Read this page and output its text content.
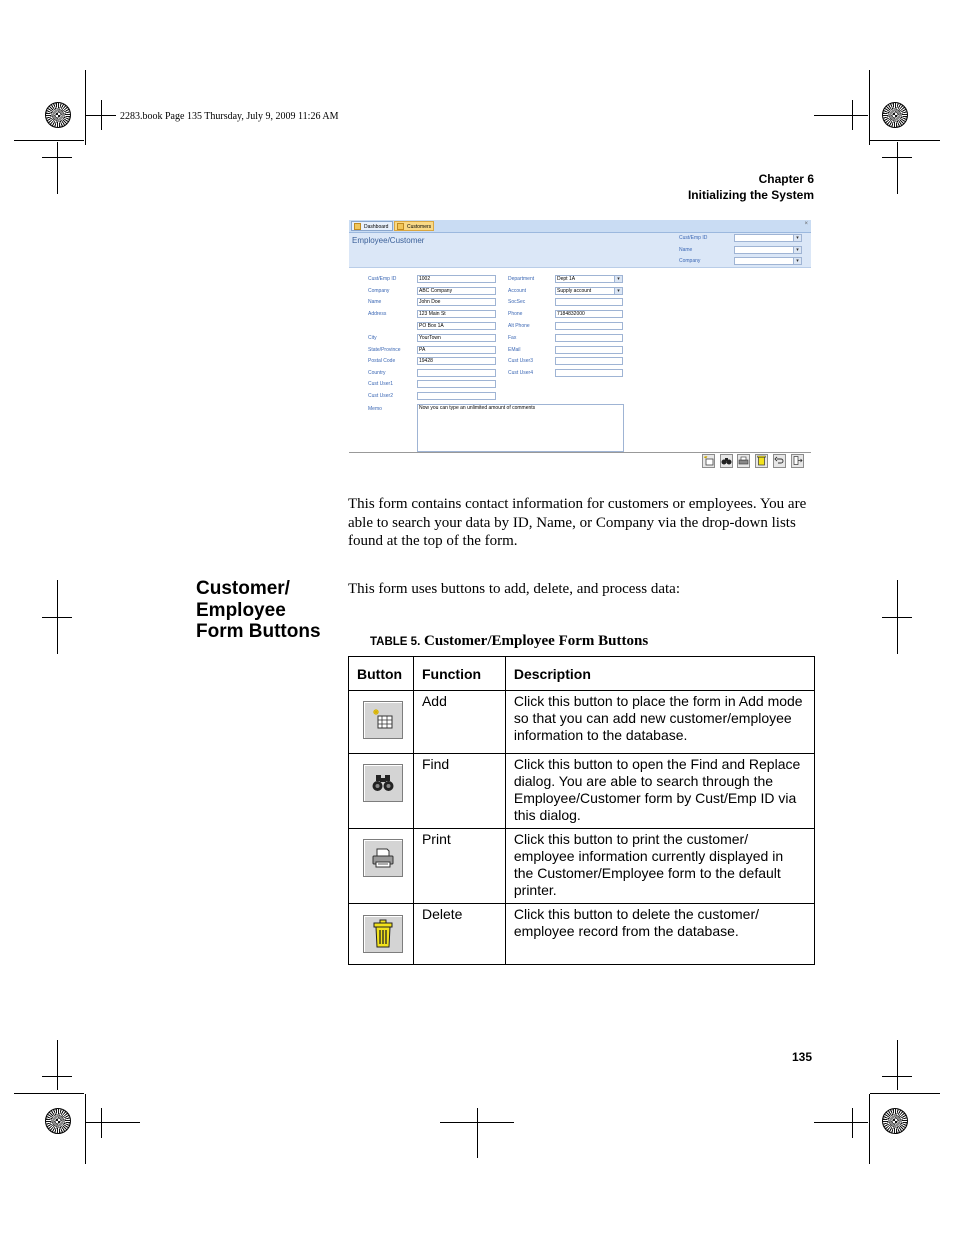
2283.book Page 135 Thursday, July 9, 2009 11:26 AM
Chapter 6
Initializing the System
Dashboard	Customers	×
Employee/Customer	Cust/Emp ID	▾
Name	▾
Company	▾
Cust/Emp ID	1002
Company	ABC Company
Name	John Doe
Address	123 Main St
PO Box 1A
City	YourTown
State/Province	PA
Postal Code	19428
Country
Cust User1
Cust User2
Department	Dept 1A	▾
Account	Supply account	▾
SocSec
Phone	7184832000
Alt Phone
Fax
EMail
Cust User3
Cust User4
Memo	Now you can type an unlimited amount of comments
This form contains contact information for customers or employees. You are able to search your data by ID, Name, or Company via the drop-down lists found at the top of the form.
Customer/
Employee
Form Buttons
This form uses buttons to add, delete, and process data:
TABLE 5. Customer/Employee Form Buttons
Button	Function	Description

	Add	Click this button to place the form in Add mode so that you can add new customer/employee information to the database.

	Find	Click this button to open the Find and Replace dialog. You are able to search through the Employee/Customer form by Cust/Emp ID via this dialog.

	Print	Click this button to print the customer/ employee information currently displayed in the Customer/Employee form to the default printer.

	Delete	Click this button to delete the customer/ employee record from the database.
135
